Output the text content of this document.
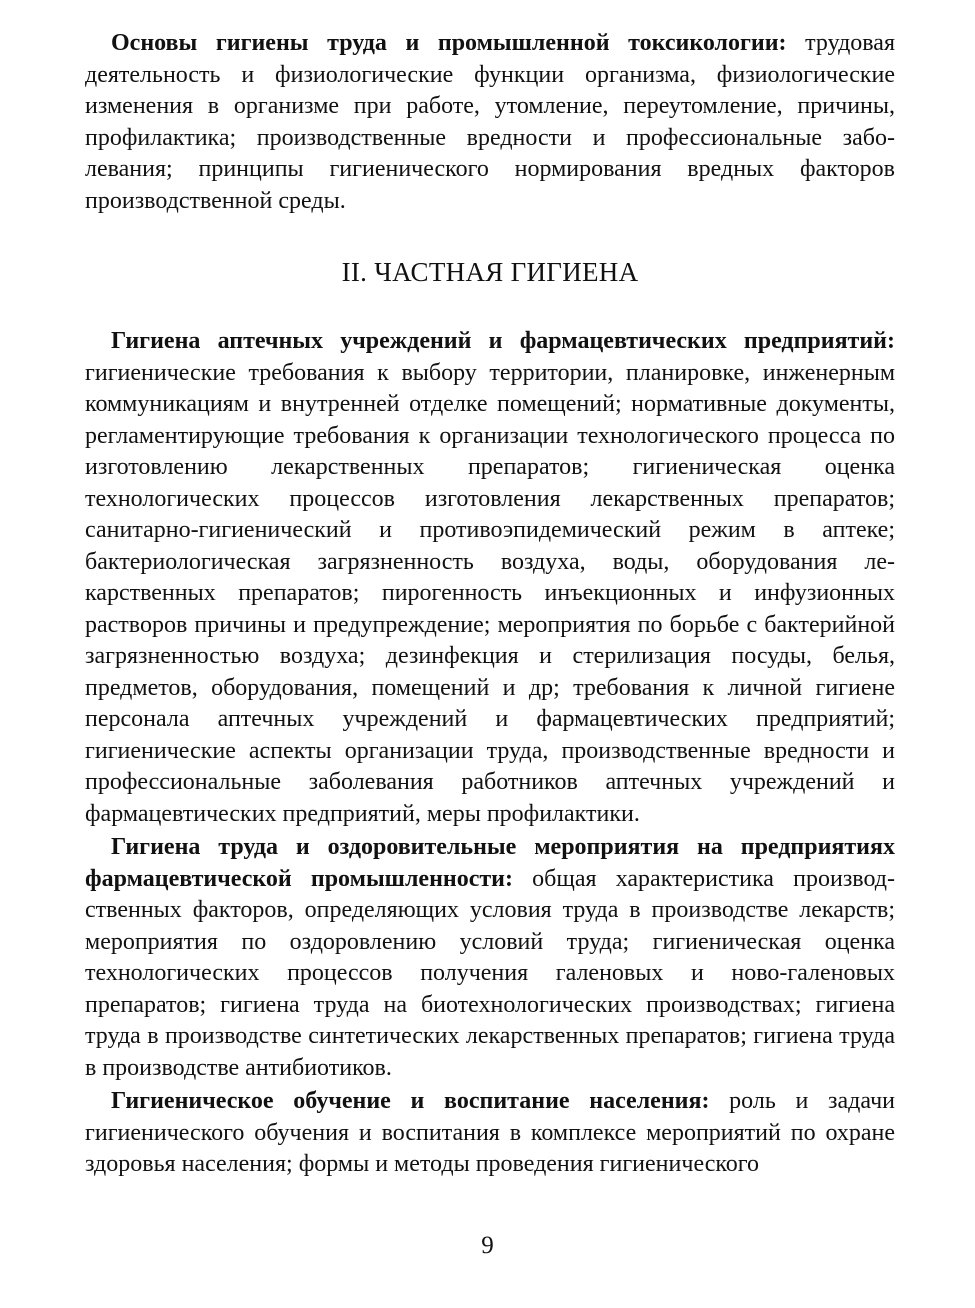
Основы гигиены труда и промышленной токсикологии: трудовая деятельность и физиологические функции организма, физиологические изменения в организме при работе, утомление, переутомление, причины, профилактика; производственные вредности и профессиональные заболевания; принципы гигиенического нормирования вредных факторов производственной среды.

II. ЧАСТНАЯ ГИГИЕНА

Гигиена аптечных учреждений и фармацевтических предприятий: гигиенические требования к выбору территории, планировке, инженерным коммуникациям и внутренней отделке помещений; нормативные документы, регламентирующие требования к организации технологического процесса по изготовлению лекарственных препаратов; гигиеническая оценка технологических процессов изготовления лекарственных препаратов; санитарно-гигиенический и противоэпидемический режим в аптеке; бактериологическая загрязненность воздуха, воды, оборудования лекарственных препаратов; пирогенность инъекционных и инфузионных растворов причины и предупреждение; мероприятия по борьбе с бактерийной загрязненностью воздуха; дезинфекция и стерилизация посуды, белья, предметов, оборудования, помещений и др; требования к личной гигиене персонала аптечных учреждений и фармацевтических предприятий; гигиенические аспекты организации труда, производственные вредности и профессиональные заболевания работников аптечных учреждений и фармацевтических предприятий, меры профилактики.

Гигиена труда и оздоровительные мероприятия на предприятиях фармацевтической промышленности: общая характеристика производственных факторов, определяющих условия труда в производстве лекарств; мероприятия по оздоровлению условий труда; гигиеническая оценка технологических процессов получения галеновых и ново-галеновых препаратов; гигиена труда на биотехнологических производствах; гигиена труда в производстве синтетических лекарственных препаратов; гигиена труда в производстве антибиотиков.

Гигиеническое обучение и воспитание населения: роль и задачи гигиенического обучения и воспитания в комплексе мероприятий по охране здоровья населения; формы и методы проведения гигиенического

9
